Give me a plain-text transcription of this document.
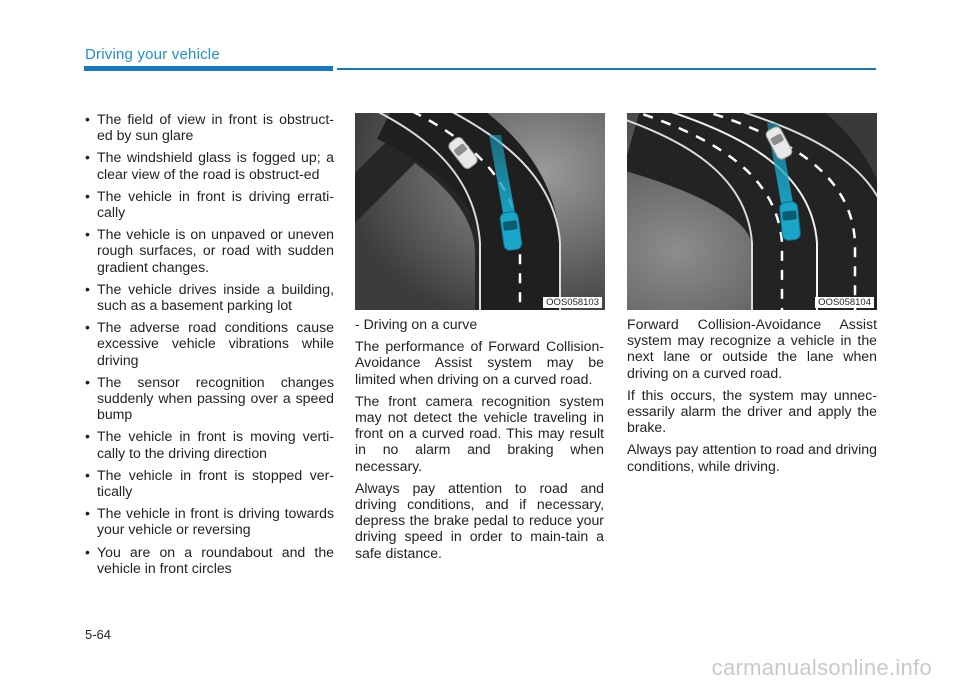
Driving your vehicle
• The field of view in front is obstruct-ed by sun glare
• The windshield glass is fogged up; a clear view of the road is obstruct-ed
• The vehicle in front is driving errati-cally
• The vehicle is on unpaved or uneven rough surfaces, or road with sudden gradient changes.
• The vehicle drives inside a building, such as a basement parking lot
• The adverse road conditions cause excessive vehicle vibrations while driving
• The sensor recognition changes suddenly when passing over a speed bump
• The vehicle in front is moving verti-cally to the driving direction
• The vehicle in front is stopped ver-tically
• The vehicle in front is driving towards your vehicle or reversing
• You are on a roundabout and the vehicle in front circles
OOS058103	OOS058104

- Driving on a curve

The performance of Forward Collision-Avoidance Assist system may be limited when driving on a curved road.

The front camera recognition system may not detect the vehicle traveling in front on a curved road. This may result in no alarm and braking when necessary.

Always pay attention to road and driving conditions, and if necessary, depress the brake pedal to reduce your driving speed in order to main-tain a safe distance.

Forward Collision-Avoidance Assist system may recognize a vehicle in the next lane or outside the lane when driving on a curved road.

If this occurs, the system may unnec-essarily alarm the driver and apply the brake.

Always pay attention to road and driving conditions, while driving.

5-64
carmanualsonline.info
